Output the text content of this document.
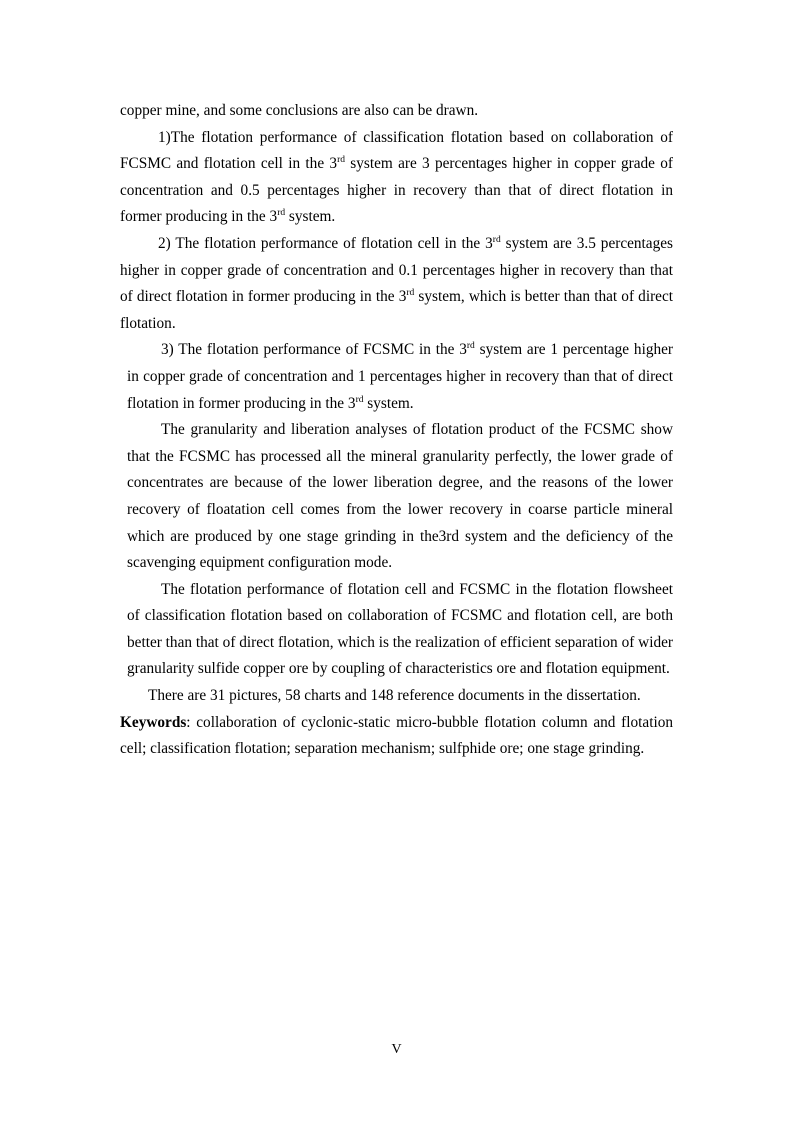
copper mine, and some conclusions are also can be drawn.

1)The flotation performance of classification flotation based on collaboration of FCSMC and flotation cell in the 3rd system are 3 percentages higher in copper grade of concentration and 0.5 percentages higher in recovery than that of direct flotation in former producing in the 3rd system.

2) The flotation performance of flotation cell in the 3rd system are 3.5 percentages higher in copper grade of concentration and 0.1 percentages higher in recovery than that of direct flotation in former producing in the 3rd system, which is better than that of direct flotation.

3) The flotation performance of FCSMC in the 3rd system are 1 percentage higher in copper grade of concentration and 1 percentages higher in recovery than that of direct flotation in former producing in the 3rd system.

The granularity and liberation analyses of flotation product of the FCSMC show that the FCSMC has processed all the mineral granularity perfectly, the lower grade of concentrates are because of the lower liberation degree, and the reasons of the lower recovery of floatation cell comes from the lower recovery in coarse particle mineral which are produced by one stage grinding in the3rd system and the deficiency of the scavenging equipment configuration mode.

The flotation performance of flotation cell and FCSMC in the flotation flowsheet of classification flotation based on collaboration of FCSMC and flotation cell, are both better than that of direct flotation, which is the realization of efficient separation of wider granularity sulfide copper ore by coupling of characteristics ore and flotation equipment.

There are 31 pictures, 58 charts and 148 reference documents in the dissertation.

Keywords: collaboration of cyclonic-static micro-bubble flotation column and flotation cell; classification flotation; separation mechanism; sulfphide ore; one stage grinding.

V
